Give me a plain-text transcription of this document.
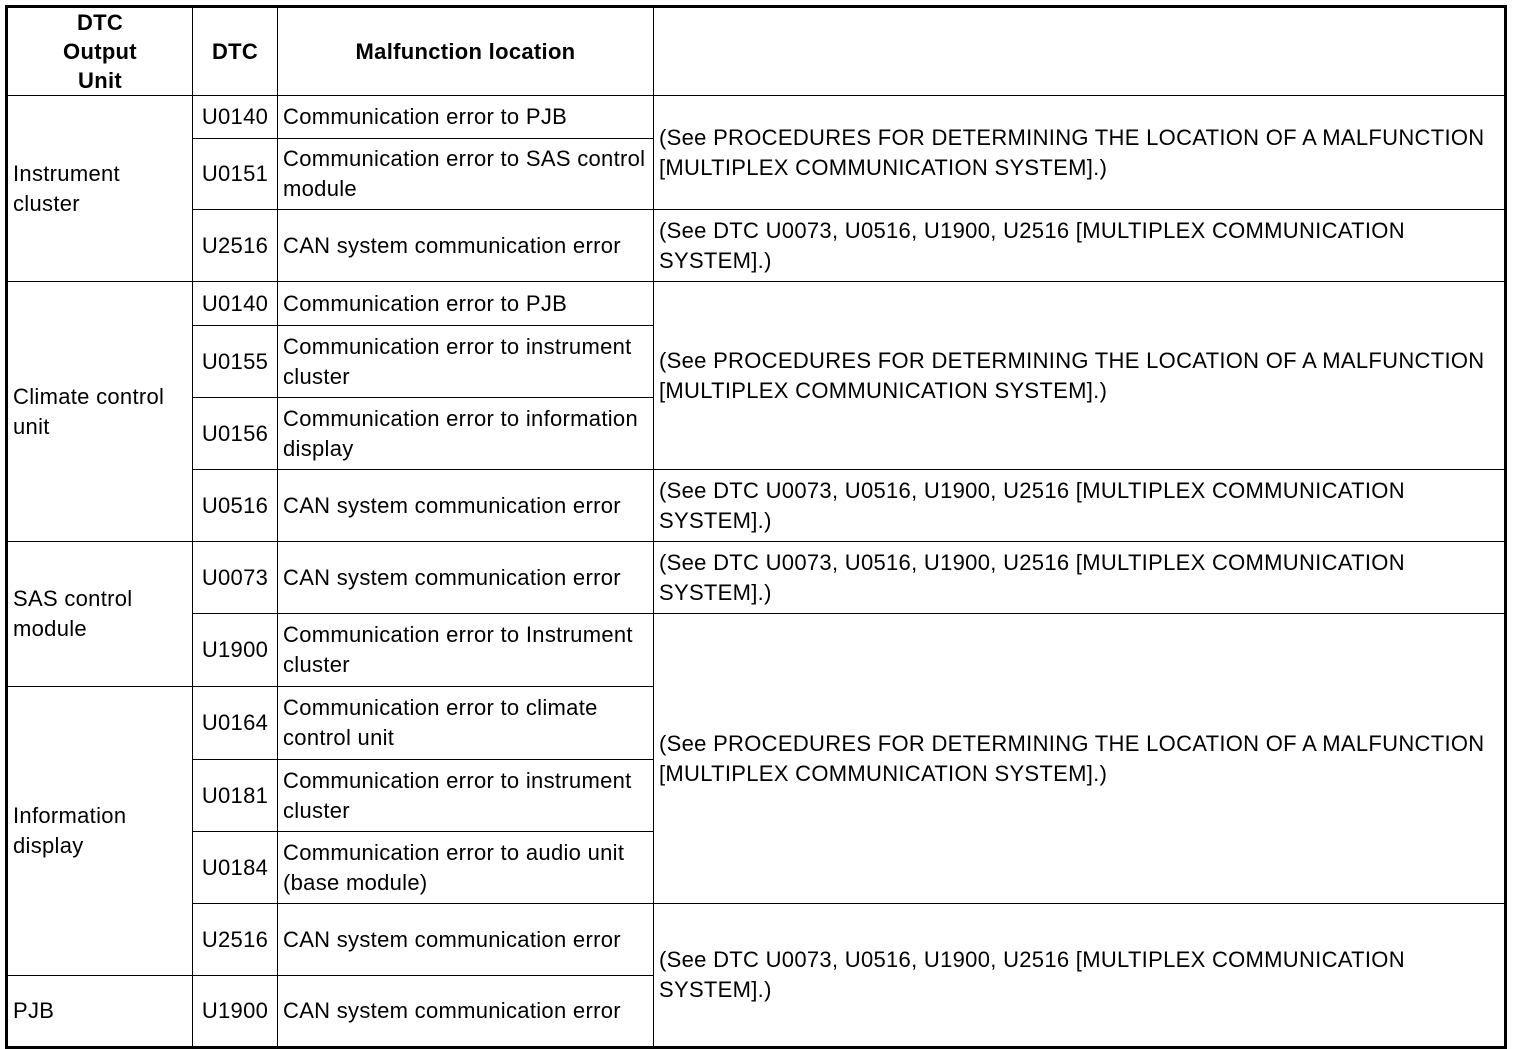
DTC Output Unit	DTC	Malfunction location	
Instrument cluster	U0140	Communication error to PJB	(See PROCEDURES FOR DETERMINING THE LOCATION OF A MALFUNCTION [MULTIPLEX COMMUNICATION SYSTEM].)
	U0151	Communication error to SAS control module	
	U2516	CAN system communication error	(See DTC U0073, U0516, U1900, U2516 [MULTIPLEX COMMUNICATION SYSTEM].)
Climate control unit	U0140	Communication error to PJB	(See PROCEDURES FOR DETERMINING THE LOCATION OF A MALFUNCTION [MULTIPLEX COMMUNICATION SYSTEM].)
	U0155	Communication error to instrument cluster	
	U0156	Communication error to information display	
	U0516	CAN system communication error	(See DTC U0073, U0516, U1900, U2516 [MULTIPLEX COMMUNICATION SYSTEM].)
SAS control module	U0073	CAN system communication error	(See DTC U0073, U0516, U1900, U2516 [MULTIPLEX COMMUNICATION SYSTEM].)
	U1900	Communication error to Instrument cluster	(See PROCEDURES FOR DETERMINING THE LOCATION OF A MALFUNCTION [MULTIPLEX COMMUNICATION SYSTEM].)
Information display	U0164	Communication error to climate control unit	
	U0181	Communication error to instrument cluster	
	U0184	Communication error to audio unit (base module)	
	U2516	CAN system communication error	(See DTC U0073, U0516, U1900, U2516 [MULTIPLEX COMMUNICATION SYSTEM].)
PJB	U1900	CAN system communication error	
